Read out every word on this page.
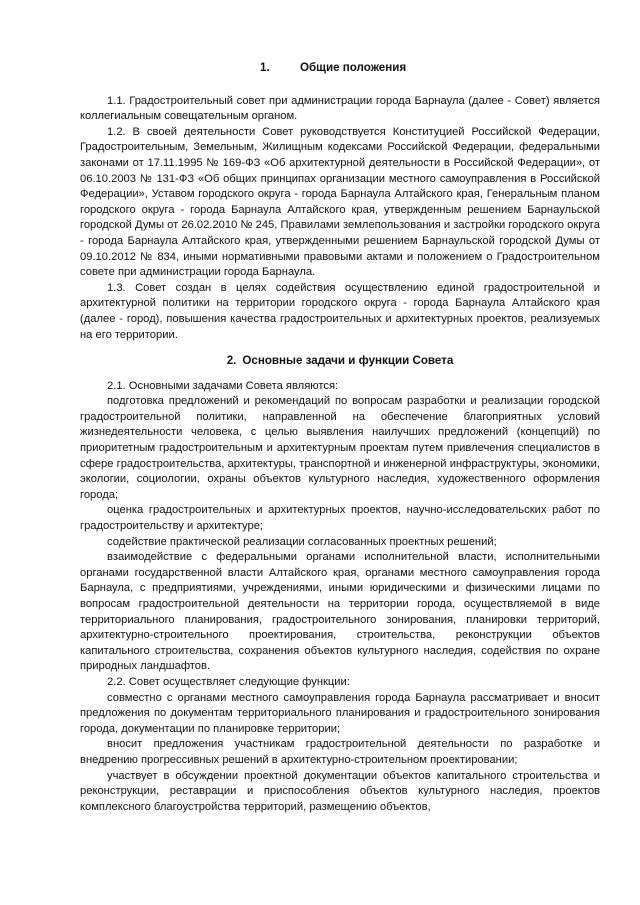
1.	Общие положения

1.1. Градостроительный совет при администрации города Барнаула (далее - Совет) является коллегиальным совещательным органом.

1.2. В своей деятельности Совет руководствуется Конституцией Российской Федерации, Градостроительным, Земельным, Жилищным кодексами Российской Федерации, федеральными законами от 17.11.1995 № 169-ФЗ «Об архитектурной деятельности в Российской Федерации», от 06.10.2003 № 131-ФЗ «Об общих принципах организации местного самоуправления в Российской Федерации», Уставом городского округа - города Барнаула Алтайского края, Генеральным планом городского округа - города Барнаула Алтайского края, утвержденным решением Барнаульской городской Думы от 26.02.2010 № 245, Правилами землепользования и застройки городского округа - города Барнаула Алтайского края, утвержденными решением Барнаульской городской Думы от 09.10.2012 № 834, иными нормативными правовыми актами и положением о Градостроительном совете при администрации города Барнаула.

1.3. Совет создан в целях содействия осуществлению единой градостроительной и архитектурной политики на территории городского округа - города Барнаула Алтайского края (далее - город), повышения качества градостроительных и архитектурных проектов, реализуемых на его территории.

2. Основные задачи и функции Совета

2.1. Основными задачами Совета являются:

подготовка предложений и рекомендаций по вопросам разработки и реализации городской градостроительной политики, направленной на обеспечение благоприятных условий жизнедеятельности человека, с целью выявления наилучших предложений (концепций) по приоритетным градостроительным и архитектурным проектам путем привлечения специалистов в сфере градостроительства, архитектуры, транспортной и инженерной инфраструктуры, экономики, экологии, социологии, охраны объектов культурного наследия, художественного оформления города;

оценка градостроительных и архитектурных проектов, научно-исследовательских работ по градостроительству и архитектуре;

содействие практической реализации согласованных проектных решений;

взаимодействие с федеральными органами исполнительной власти, исполнительными органами государственной власти Алтайского края, органами местного самоуправления города Барнаула, с предприятиями, учреждениями, иными юридическими и физическими лицами по вопросам градостроительной деятельности на территории города, осуществляемой в виде территориального планирования, градостроительного зонирования, планировки территорий, архитектурно-строительного проектирования, строительства, реконструкции объектов капитального строительства, сохранения объектов культурного наследия, содействия по охране природных ландшафтов.

2.2. Совет осуществляет следующие функции:

совместно с органами местного самоуправления города Барнаула рассматривает и вносит предложения по документам территориального планирования и градостроительного зонирования города, документации по планировке территории;

вносит предложения участникам градостроительной деятельности по разработке и внедрению прогрессивных решений в архитектурно-строительном проектировании;

участвует в обсуждении проектной документации объектов капитального строительства и реконструкции, реставрации и приспособления объектов культурного наследия, проектов комплексного благоустройства территорий, размещению объектов,
